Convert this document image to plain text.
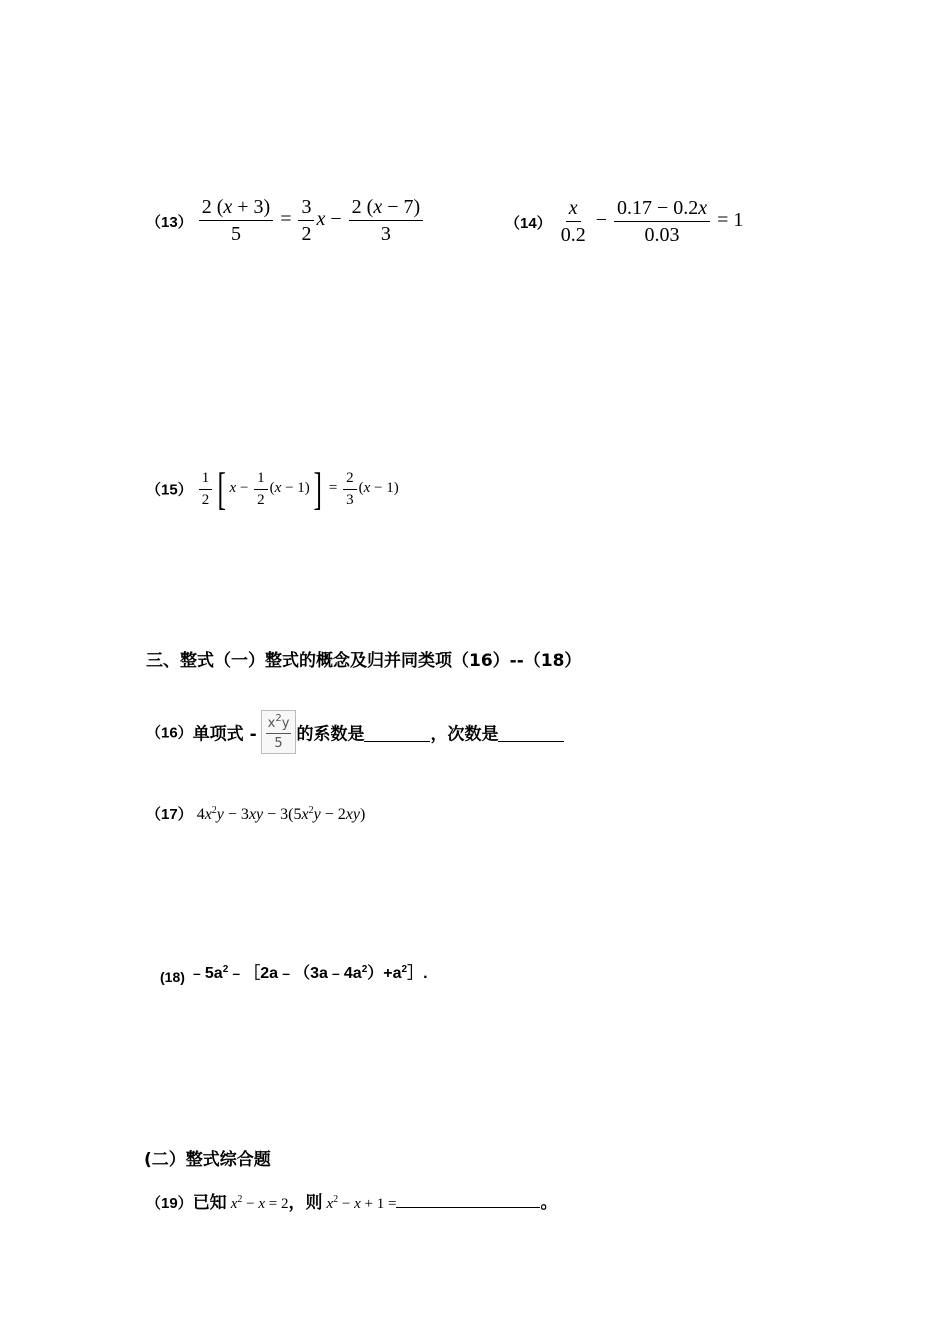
$(13) \frac{2 (x + 3)}{5} = \frac{3}{2}$ $x - \frac{2 (x - 7)}{3}$	$(14) \frac{x}{0.2} - \frac{0.17 - 0.2x}{0.03} = 1$
$(15) \frac{1}{2}$ [ $x - \frac{1}{2} (x - 1)] = \frac{2}{3} (x - 1)$
三、整式（一）整式的概念及归并同类项（16）--（18）
（16）单项式 - $\frac{x^2y}{5}$ 的系数是	，次数是
（17） $4x^2y - 3xy - 3(5x^2y - 2xy)$
(18) $﹣5a^2﹣[2a﹣(3a﹣4a^2)+a^2]$.
(二）整式综合题
（19）已知 $x^2 - x = 2$，则 $x^2 - x + 1$ =	。
